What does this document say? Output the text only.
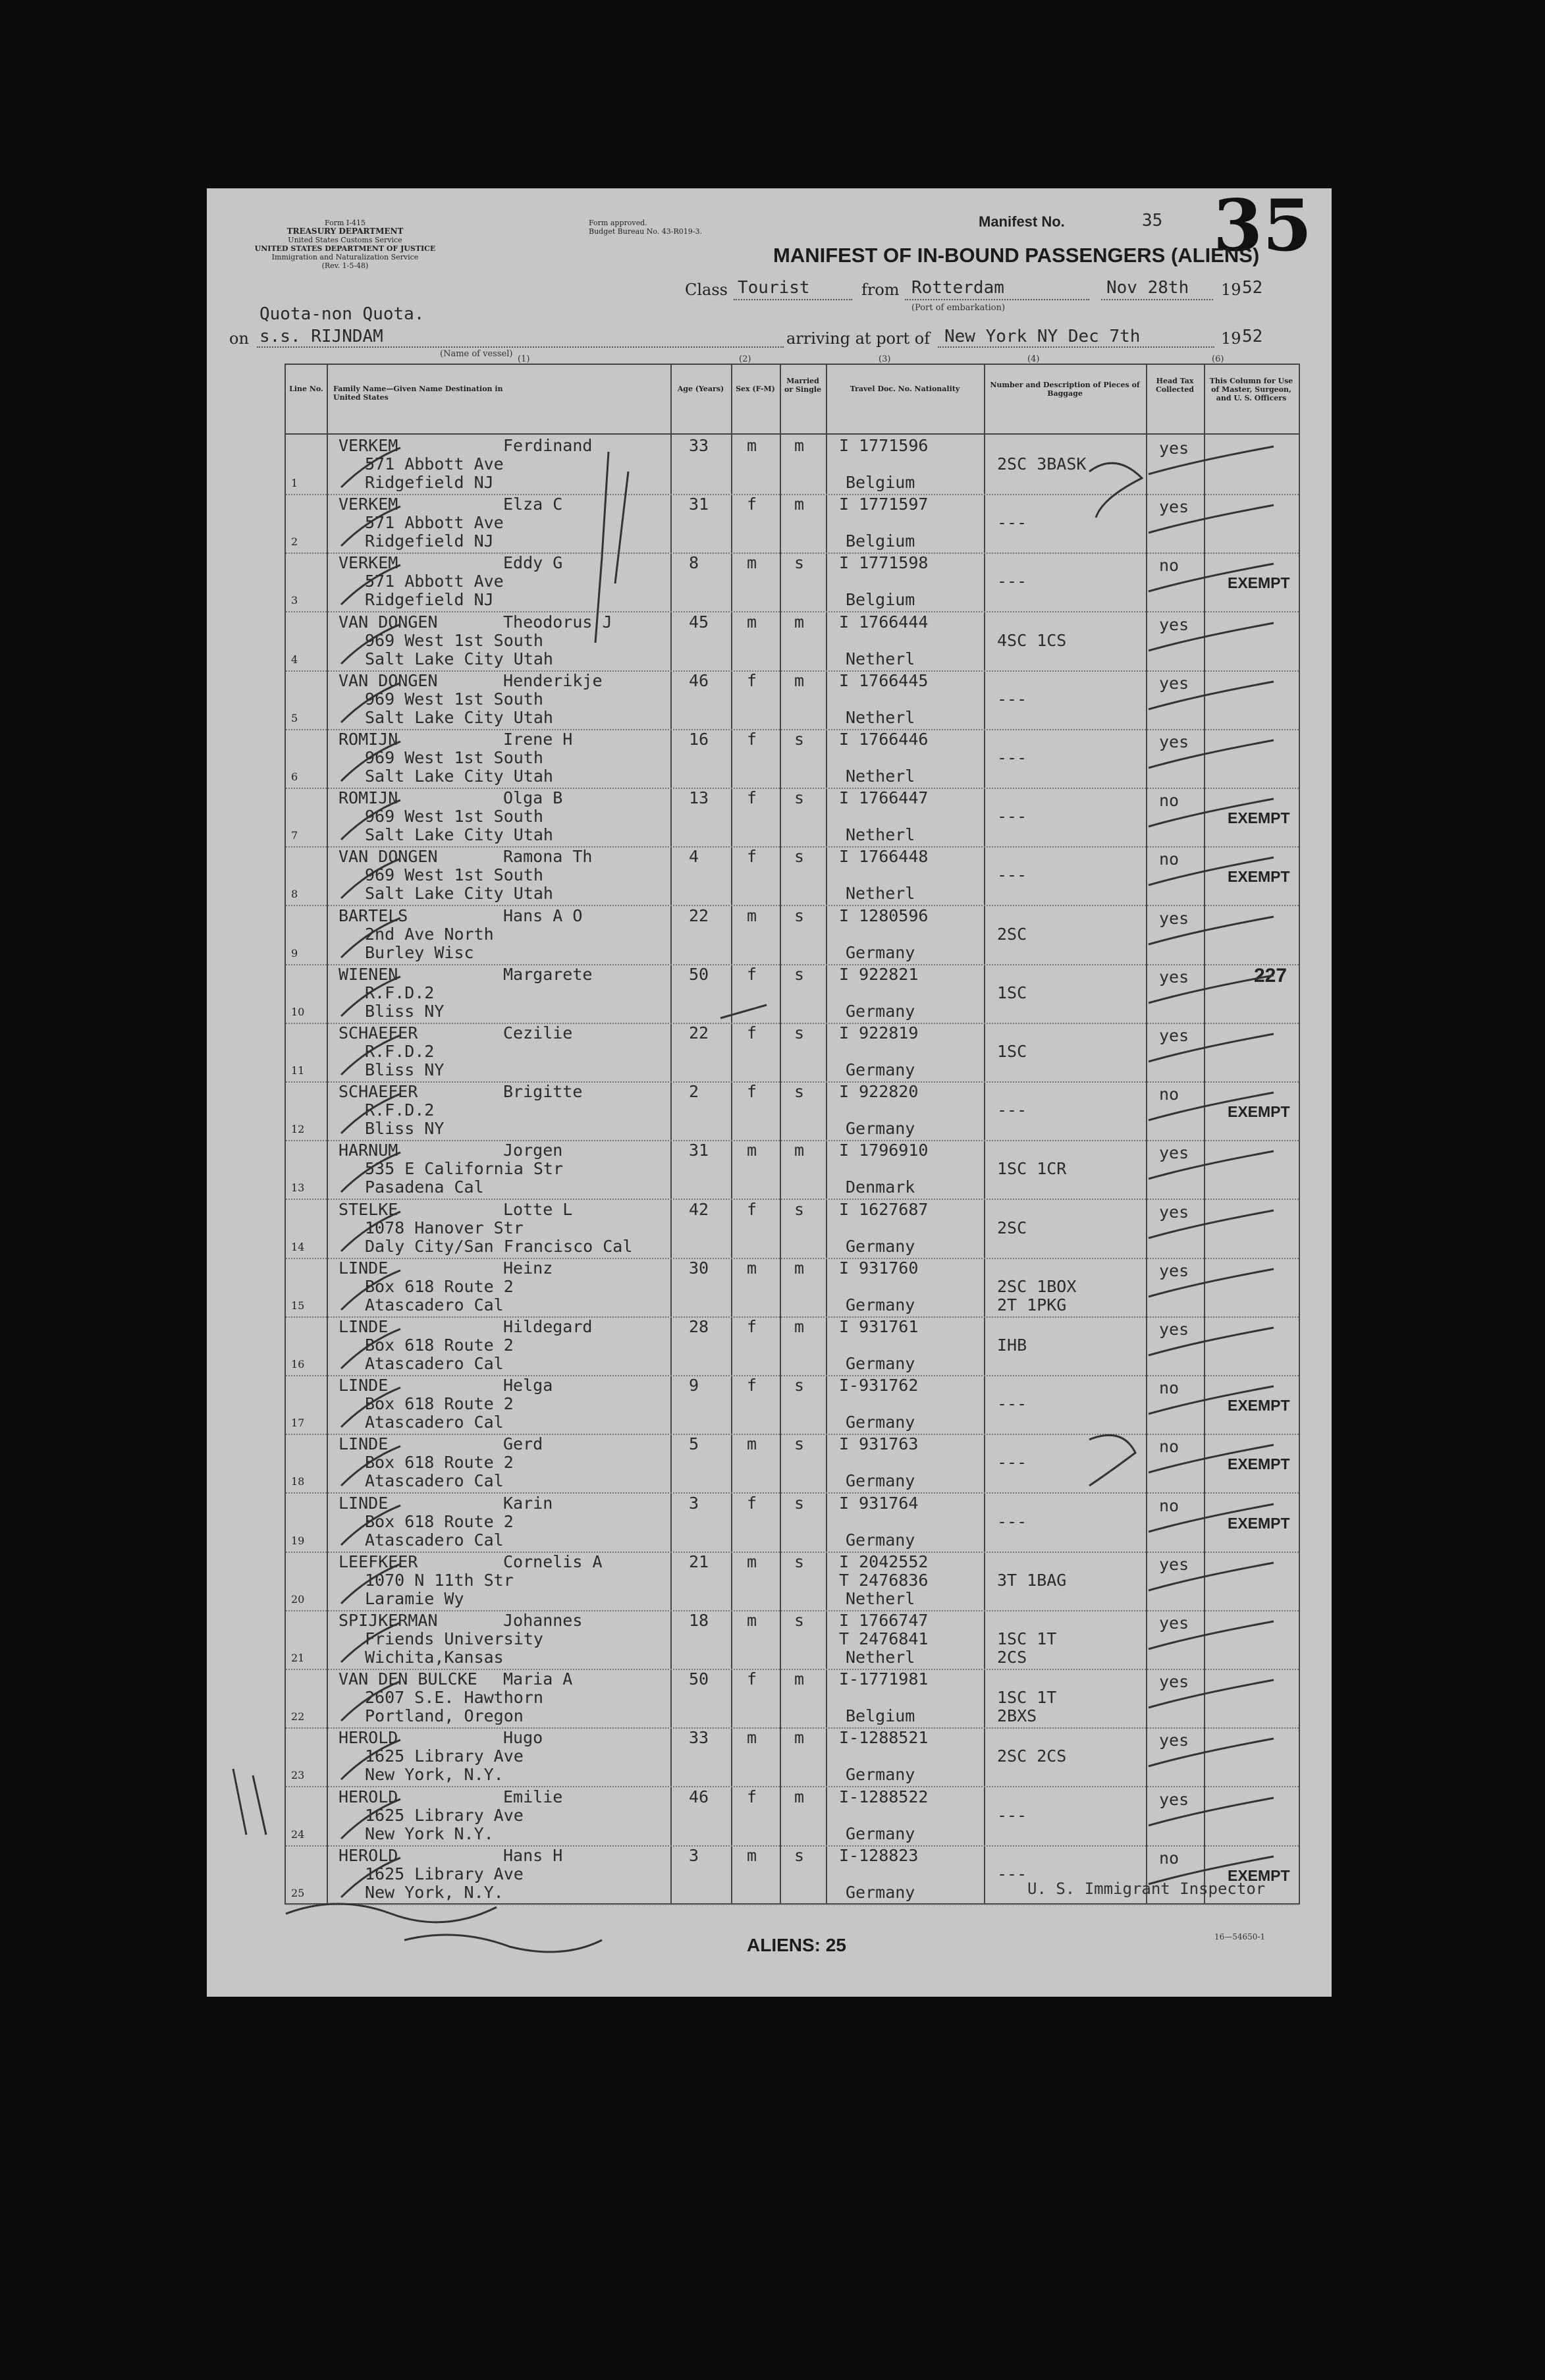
Form I-415
TREASURY DEPARTMENT
United States Customs Service
UNITED STATES DEPARTMENT OF JUSTICE
Immigration and Naturalization Service
(Rev. 1-5-48)
Form approved.
Budget Bureau No. 43-R019-3.
Manifest No.	35 35
MANIFEST OF IN-BOUND PASSENGERS (ALIENS)
Class Tourist	from Rotterdam	Nov 28th 19 52
(Port of embarkation)
Quota-non Quota.
on s.s. RIJNDAM
(Name of vessel)
arriving at port of New York NY Dec 7th	19 52
(1)	(2)	(3)	(4)	(6)
Line No.	Family Name—Given Name Destination in United States
Age (Years)	Sex (F-M)
Married or Single	Travel Doc. No. Nationality	Number and Description of Pieces of Baggage
Head Tax Collected
This Column for Use of Master, Surgeon, and U. S. Officers
1
VERKEM	Ferdinand
571 Abbott Ave
Ridgefield NJ
33 m m I 1771596
Belgium
2SC 3BASK
yes
2
VERKEM	Elza C
571 Abbott Ave
Ridgefield NJ
31 f m I 1771597
Belgium
---
yes
3
VERKEM	Eddy G
571 Abbott Ave
Ridgefield NJ
8	m s I 1771598
Belgium
---
no
EXEMPT
4
VAN DONGEN	Theodorus J
969 West 1st South
Salt Lake City Utah
45 m m I 1766444
Netherl
4SC 1CS
yes
5
VAN DONGEN	Henderikje
969 West 1st South
Salt Lake City Utah
46 f m I 1766445
Netherl
---
yes
6
ROMIJN	Irene H
969 West 1st South
Salt Lake City Utah
16 f s I 1766446
Netherl
---
yes
7
ROMIJN	Olga B
969 West 1st South
Salt Lake City Utah
13 f s I 1766447
Netherl
---
no
EXEMPT
8
VAN DONGEN	Ramona Th
969 West 1st South
Salt Lake City Utah
4	f s I 1766448
Netherl
---
no
EXEMPT
9
BARTELS	Hans A O
2nd Ave North
Burley Wisc
22 m s I 1280596
Germany
2SC
yes
10
WIENEN	Margarete
R.F.D.2
Bliss NY
50 f s I 922821
Germany
1SC
yes	227
11
SCHAEFER	Cezilie
R.F.D.2
Bliss NY
22 f s I 922819
Germany
1SC
yes
12
SCHAEFER	Brigitte
R.F.D.2
Bliss NY
2	f s I 922820
Germany
---
no
EXEMPT
13
HARNUM	Jorgen
535 E California Str
Pasadena Cal
31 m m I 1796910
Denmark
1SC 1CR
yes
14
STELKE	Lotte L
1078 Hanover Str
Daly City/San Francisco Cal
42 f s I 1627687
Germany
2SC
yes
15
LINDE	Heinz
Box 618 Route 2
Atascadero Cal
30 m m I 931760
Germany
2SC 1BOX
2T 1PKG
yes
16
LINDE	Hildegard
Box 618 Route 2
Atascadero Cal
28 f m I 931761
Germany
IHB
yes
17
LINDE	Helga
Box 618 Route 2
Atascadero Cal
9	f s I-931762
Germany
---
no
EXEMPT
18
LINDE	Gerd
Box 618 Route 2
Atascadero Cal
5	m s I 931763
Germany
---
no
EXEMPT
19
LINDE	Karin
Box 618 Route 2
Atascadero Cal
3	f s I 931764
Germany
---
no
EXEMPT
20
LEEFKEER	Cornelis A
1070 N 11th Str
Laramie Wy
21 m s I 2042552
T 2476836
Netherl
3T 1BAG
yes
21
SPIJKERMAN	Johannes
Friends University
Wichita,Kansas
18 m s I 1766747
T 2476841
Netherl
1SC 1T
2CS
yes
22
VAN DEN BULCKE Maria A
2607 S.E. Hawthorn
Portland, Oregon
50 f m I-1771981
Belgium
1SC 1T
2BXS
yes
23
HEROLD	Hugo
1625 Library Ave
New York, N.Y.
33 m m I-1288521
Germany
2SC 2CS
yes
24
HEROLD	Emilie
1625 Library Ave
New York N.Y.
46 f m I-1288522
Germany
---
yes
25
HEROLD	Hans H
1625 Library Ave
New York, N.Y.
3	m s I-128823
Germany
---
no
EXEMPT
U. S. Immigrant Inspector
ALIENS: 25	16—54650-1
